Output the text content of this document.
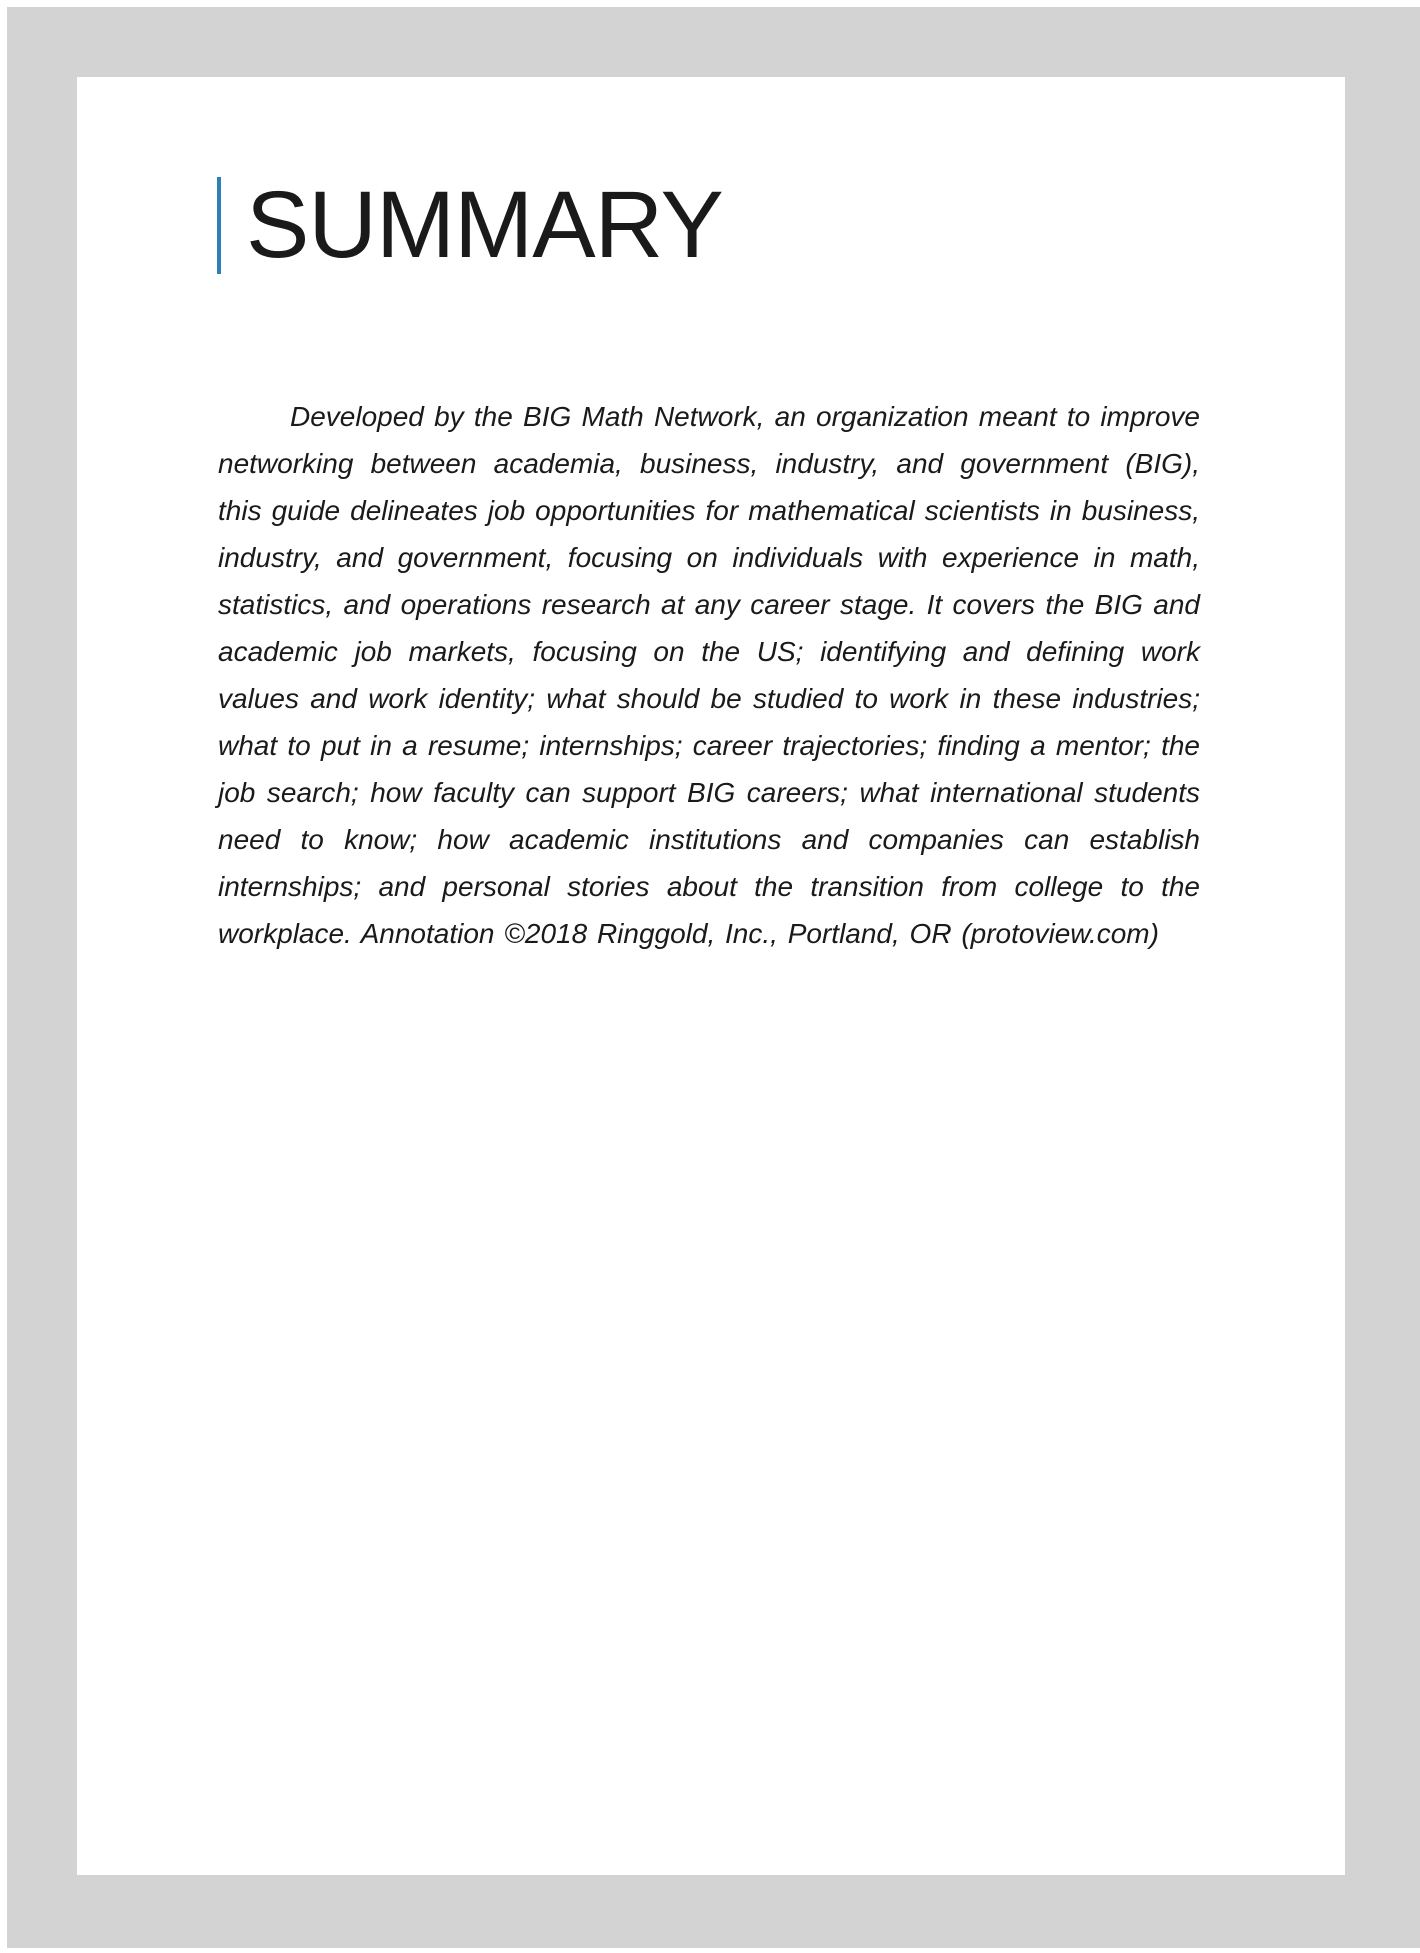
SUMMARY

Developed by the BIG Math Network, an organization meant to improve networking between academia, business, industry, and government (BIG), this guide delineates job opportunities for mathematical scientists in business, industry, and government, focusing on individuals with experience in math, statistics, and operations research at any career stage. It covers the BIG and academic job markets, focusing on the US; identifying and defining work values and work identity; what should be studied to work in these industries; what to put in a resume; internships; career trajectories; finding a mentor; the job search; how faculty can support BIG careers; what international students need to know; how academic institutions and companies can establish internships; and personal stories about the transition from college to the workplace. Annotation ©2018 Ringgold, Inc., Portland, OR (protoview.com)
